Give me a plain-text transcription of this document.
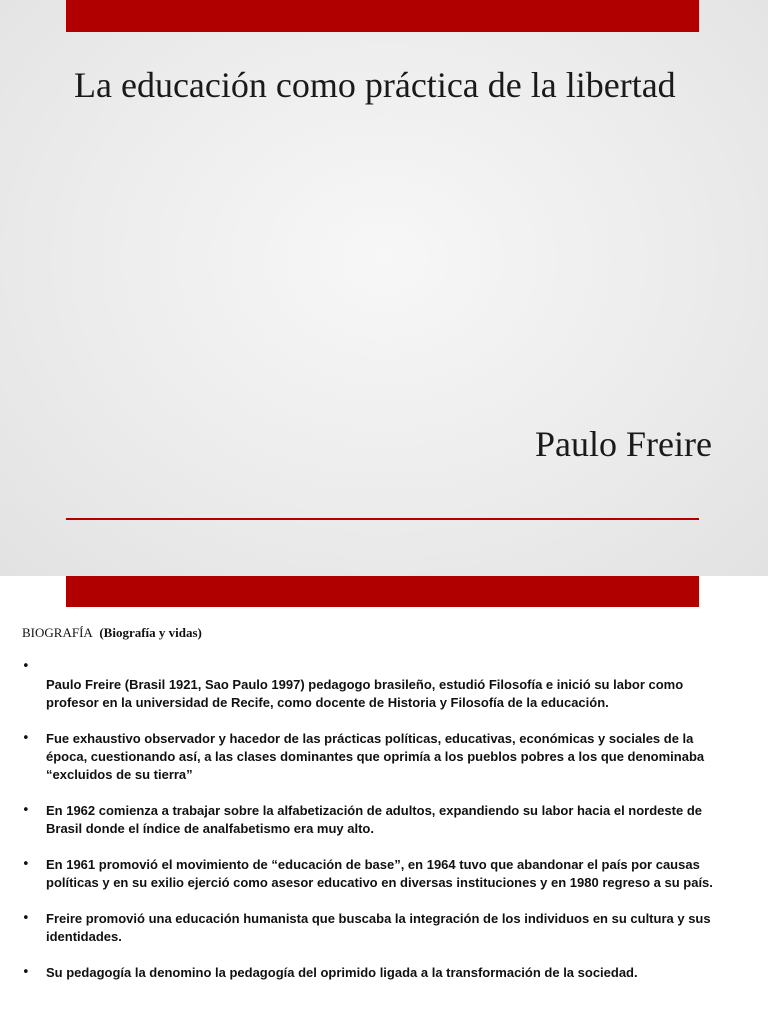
La educación como práctica de la libertad
Paulo Freire
BIOGRAFÍA (Biografía y vidas)
•
Paulo Freire (Brasil 1921, Sao Paulo 1997) pedagogo brasileño, estudió Filosofía e inició su labor como profesor en la universidad de Recife, como docente de Historia y Filosofía de la educación.
• Fue exhaustivo observador y hacedor de las prácticas políticas, educativas, económicas y sociales de la época, cuestionando así, a las clases dominantes que oprimía a los pueblos pobres a los que denominaba “excluidos de su tierra”
• En 1962 comienza a trabajar sobre la alfabetización de adultos, expandiendo su labor hacia el nordeste de Brasil donde el índice de analfabetismo era muy alto.
• En 1961 promovió el movimiento de “educación de base”, en 1964 tuvo que abandonar el país por causas políticas y en su exilio ejerció como asesor educativo en diversas instituciones y en 1980 regreso a su país.
• Freire promovió una educación humanista que buscaba la integración de los individuos en su cultura y sus identidades.
• Su pedagogía la denomino la pedagogía del oprimido ligada a la transformación de la sociedad.
